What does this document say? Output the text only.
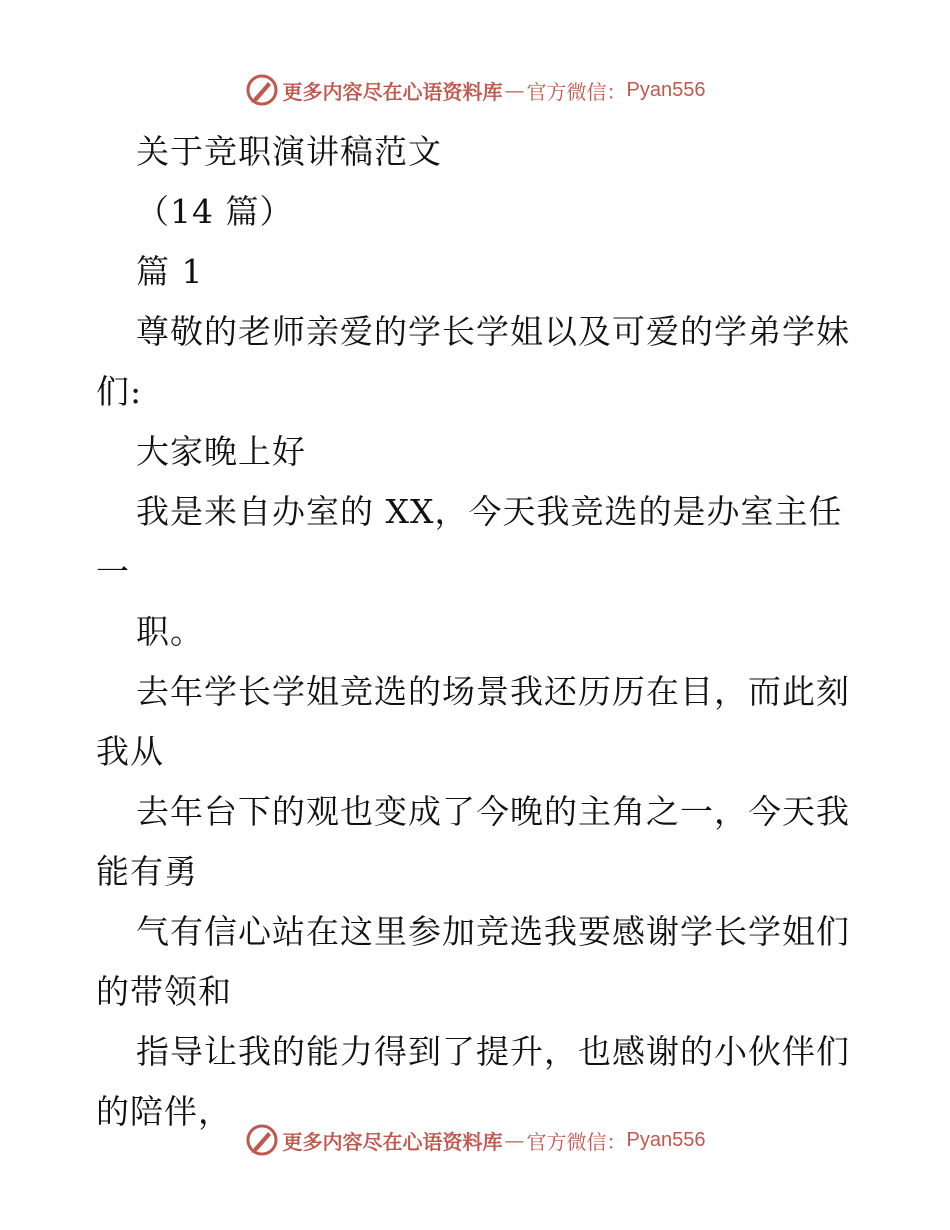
更多内容尽在心语资料库 — 官方微信： Pyan556
关于竞职演讲稿范文
（14 篇）
篇 1
尊敬的老师亲爱的学长学姐以及可爱的学弟学妹
们:
大家晚上好
我是来自办室的 XX，今天我竞选的是办室主任
一
职。
去年学长学姐竞选的场景我还历历在目，而此刻
我从
去年台下的观也变成了今晚的主角之一，今天我
能有勇
气有信心站在这里参加竞选我要感谢学长学姐们
的带领和
指导让我的能力得到了提升，也感谢的小伙伴们
的陪伴，
更多内容尽在心语资料库 — 官方微信： Pyan556
